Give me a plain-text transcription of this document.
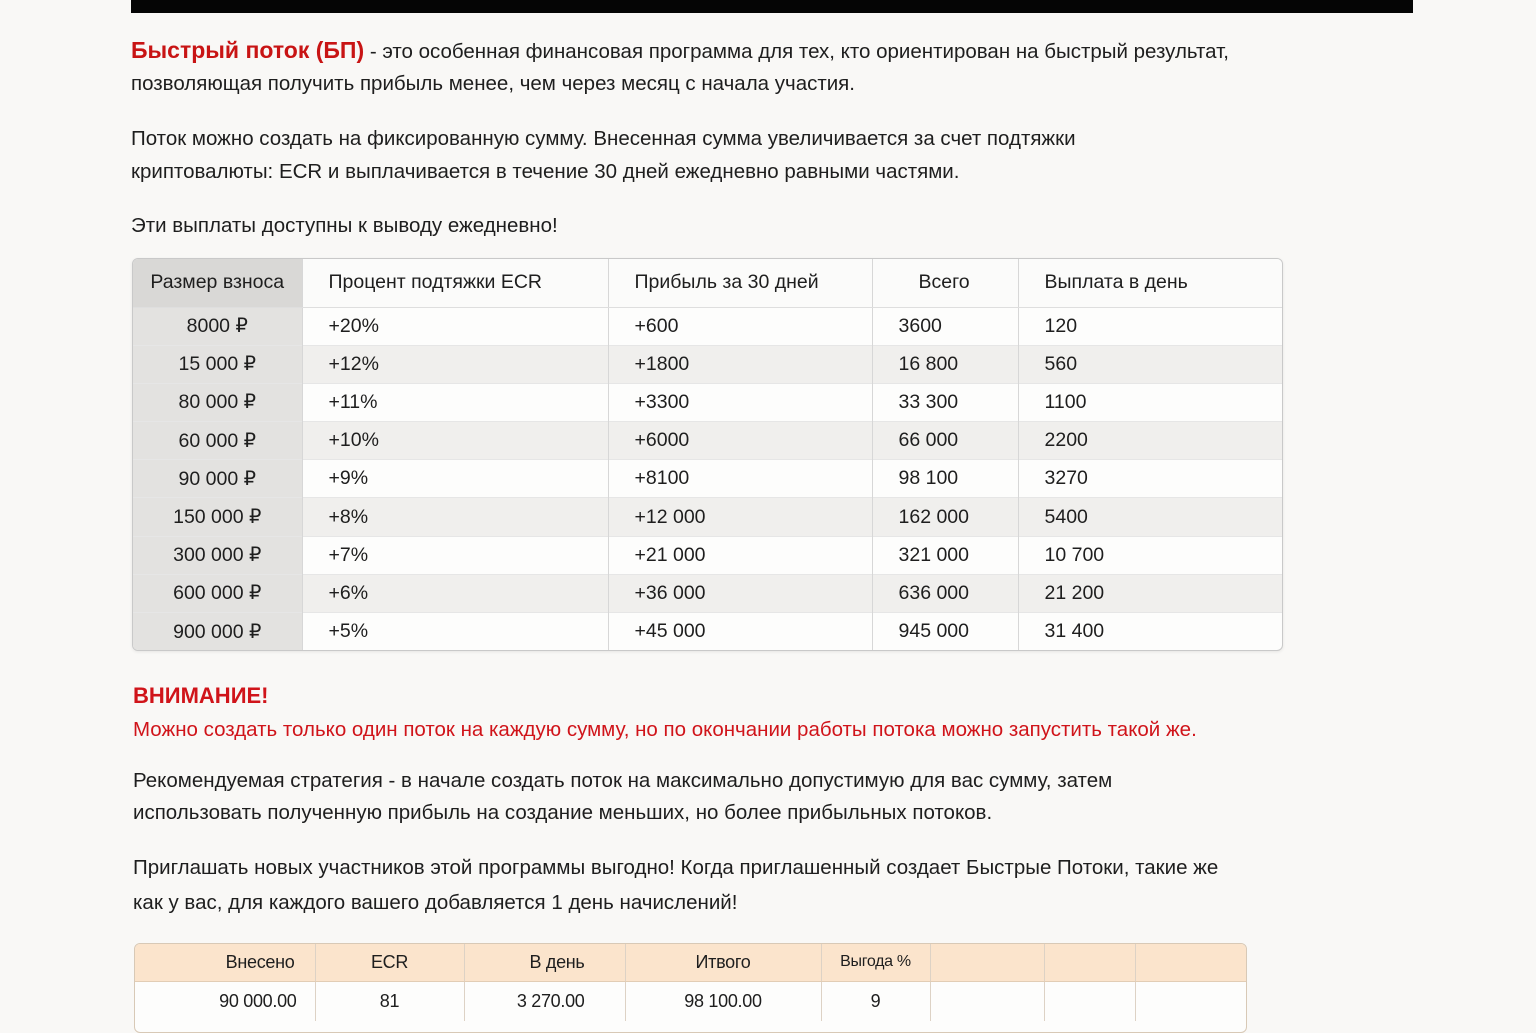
Быстрый поток (БП) - это особенная финансовая программа для тех, кто ориентирован на быстрый результат,
позволяющая получить прибыль менее, чем через месяц с начала участия.
Поток можно создать на фиксированную сумму. Внесенная сумма увеличивается за счет подтяжки
криптовалюты: ECR и выплачивается в течение 30 дней ежедневно равными частями.
Эти выплаты доступны к выводу ежедневно!
Размер взноса	Процент подтяжки ECR	Прибыль за 30 дней	Всего	Выплата в день
8000 ₽	+20%	+600	3600	120
15 000 ₽	+12%	+1800	16 800	560
80 000 ₽	+11%	+3300	33 300	1100
60 000 ₽	+10%	+6000	66 000	2200
90 000 ₽	+9%	+8100	98 100	3270
150 000 ₽	+8%	+12 000	162 000	5400
300 000 ₽	+7%	+21 000	321 000	10 700
600 000 ₽	+6%	+36 000	636 000	21 200
900 000 ₽	+5%	+45 000	945 000	31 400
ВНИМАНИЕ!
Можно создать только один поток на каждую сумму, но по окончании работы потока можно запустить такой же.
Рекомендуемая стратегия - в начале создать поток на максимально допустимую для вас сумму, затем
использовать полученную прибыль на создание меньших, но более прибыльных потоков.
Приглашать новых участников этой программы выгодно! Когда приглашенный создает Быстрые Потоки, такие же
как у вас, для каждого вашего добавляется 1 день начислений!
Внесено	ECR	В день	Итвого	Выгода %			
90 000.00	81	3 270.00	98 100.00	9			
